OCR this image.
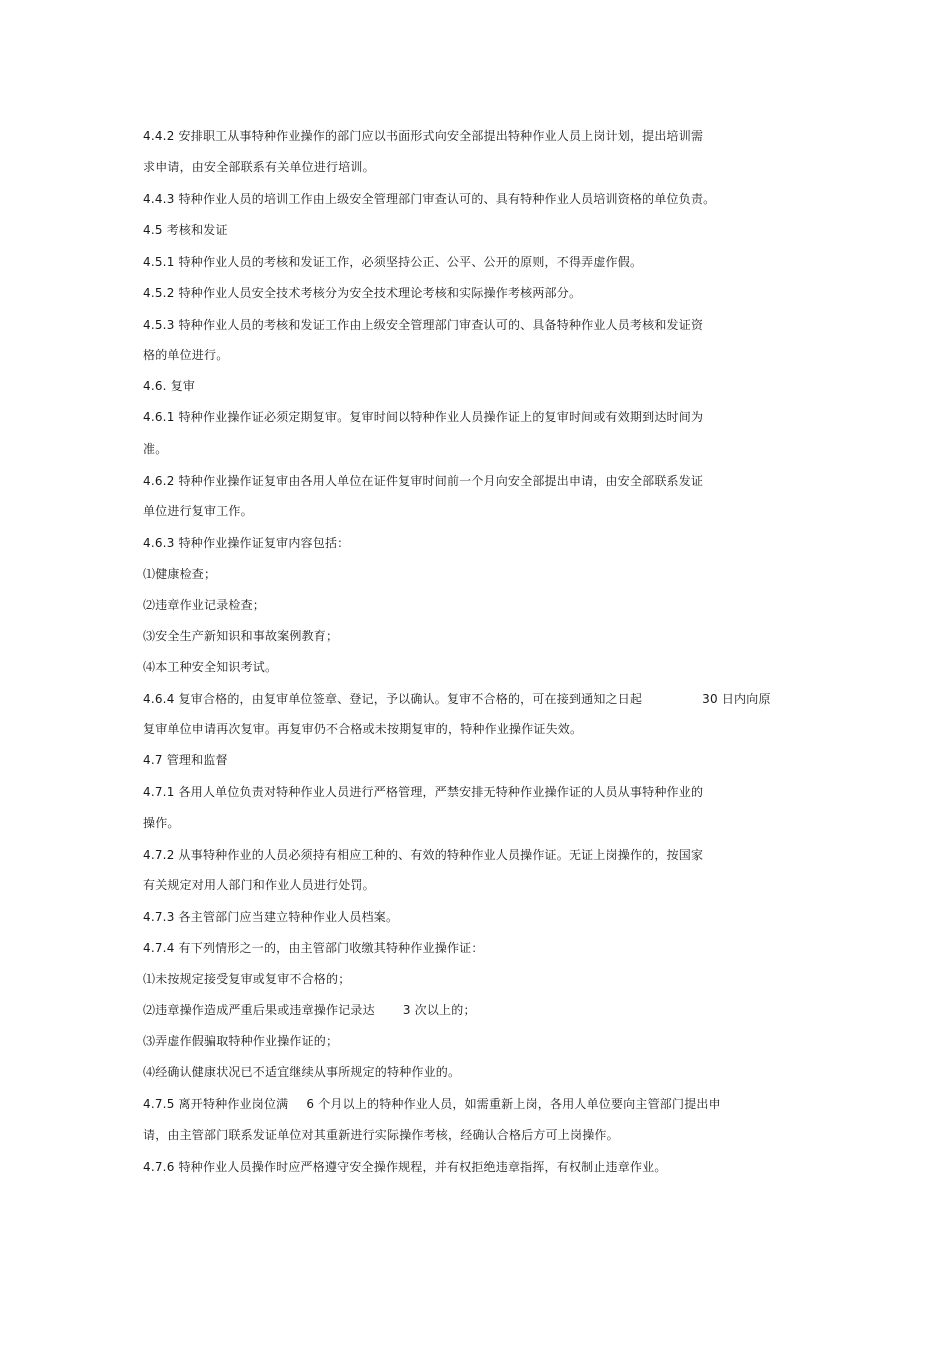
4.4.2 安排职工从事特种作业操作的部门应以书面形式向安全部提出特种作业人员上岗计划，提出培训需
求申请，由安全部联系有关单位进行培训。
4.4.3 特种作业人员的培训工作由上级安全管理部门审查认可的、具有特种作业人员培训资格的单位负责。
4.5 考核和发证
4.5.1 特种作业人员的考核和发证工作，必须坚持公正、公平、公开的原则，不得弄虚作假。
4.5.2 特种作业人员安全技术考核分为安全技术理论考核和实际操作考核两部分。
4.5.3 特种作业人员的考核和发证工作由上级安全管理部门审查认可的、具备特种作业人员考核和发证资
格的单位进行。
4.6. 复审
4.6.1 特种作业操作证必须定期复审。复审时间以特种作业人员操作证上的复审时间或有效期到达时间为
准。
4.6.2 特种作业操作证复审由各用人单位在证件复审时间前一个月向安全部提出申请，由安全部联系发证
单位进行复审工作。
4.6.3 特种作业操作证复审内容包括：
⑴健康检查；
⑵违章作业记录检查；
⑶安全生产新知识和事故案例教育；
⑷本工种安全知识考试。
4.6.4 复审合格的，由复审单位签章、登记，予以确认。复审不合格的，可在接到通知之日起	30 日内向原
复审单位申请再次复审。再复审仍不合格或未按期复审的，特种作业操作证失效。
4.7 管理和监督
4.7.1 各用人单位负责对特种作业人员进行严格管理，严禁安排无特种作业操作证的人员从事特种作业的
操作。
4.7.2 从事特种作业的人员必须持有相应工种的、有效的特种作业人员操作证。无证上岗操作的，按国家
有关规定对用人部门和作业人员进行处罚。
4.7.3 各主管部门应当建立特种作业人员档案。
4.7.4 有下列情形之一的，由主管部门收缴其特种作业操作证：
⑴未按规定接受复审或复审不合格的；
⑵违章操作造成严重后果或违章操作记录达 3 次以上的；
⑶弄虚作假骗取特种作业操作证的；
⑷经确认健康状况已不适宜继续从事所规定的特种作业的。
4.7.5 离开特种作业岗位满 6 个月以上的特种作业人员，如需重新上岗，各用人单位要向主管部门提出申
请，由主管部门联系发证单位对其重新进行实际操作考核，经确认合格后方可上岗操作。
4.7.6 特种作业人员操作时应严格遵守安全操作规程，并有权拒绝违章指挥，有权制止违章作业。
